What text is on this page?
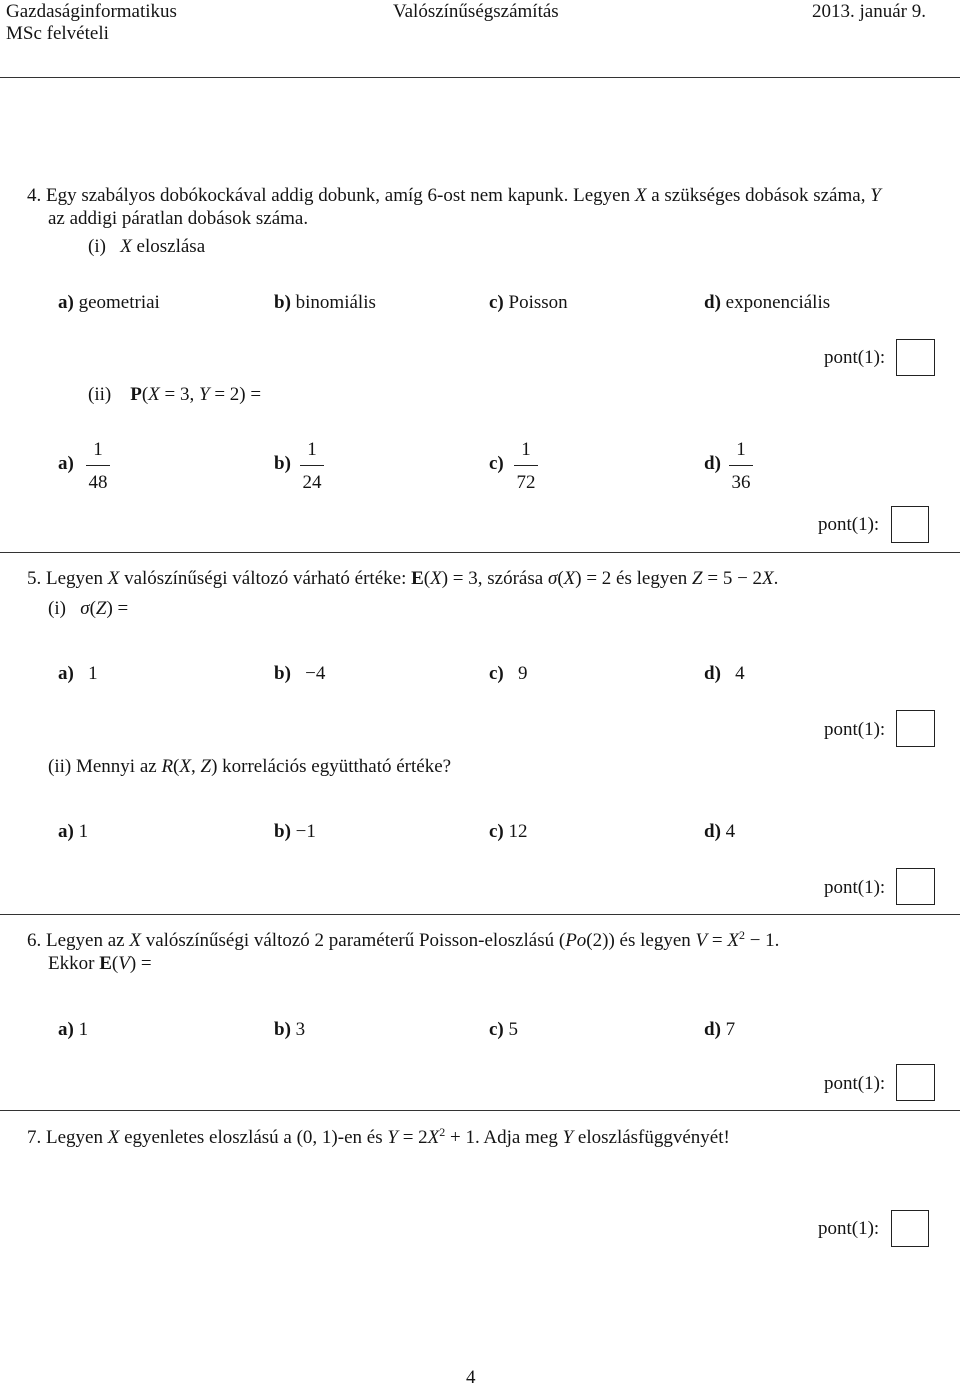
Gazdaságinformatikus
MSc felvételi
Valószínűségszámítás	2013. január 9.
4. Egy szabályos dobókockával addig dobunk, amíg 6-ost nem kapunk. Legyen X a szükséges dobások száma, Y
az addigi páratlan dobások száma.
(i) X eloszlása
a) geometriai	b) binomiális	c) Poisson	d) exponenciális
pont(1):
(ii) P(X = 3, Y = 2) =
a)
1
48
b)
1
24
c)
1
72
d)
1
36
pont(1):
5. Legyen X valószínűségi változó várható értéke: E(X) = 3, szórása σ(X) = 2 és legyen Z = 5 − 2X.
(i) σ(Z) =
a) 1	b) −4	c) 9	d) 4
pont(1):
(ii) Mennyi az R(X, Z) korrelációs együttható értéke?
a) 1	b) −1	c) 12	d) 4
pont(1):
6. Legyen az X valószínűségi változó 2 paraméterű Poisson-eloszlású (Po(2)) és legyen $V = X^2 - 1$.
Ekkor E(V) =
a) 1	b) 3	c) 5	d) 7
pont(1):
7. Legyen X egyenletes eloszlású a (0, 1)-en és $Y = 2X^2 + 1$. Adja meg Y eloszlásfüggvényét!
pont(1):
4
